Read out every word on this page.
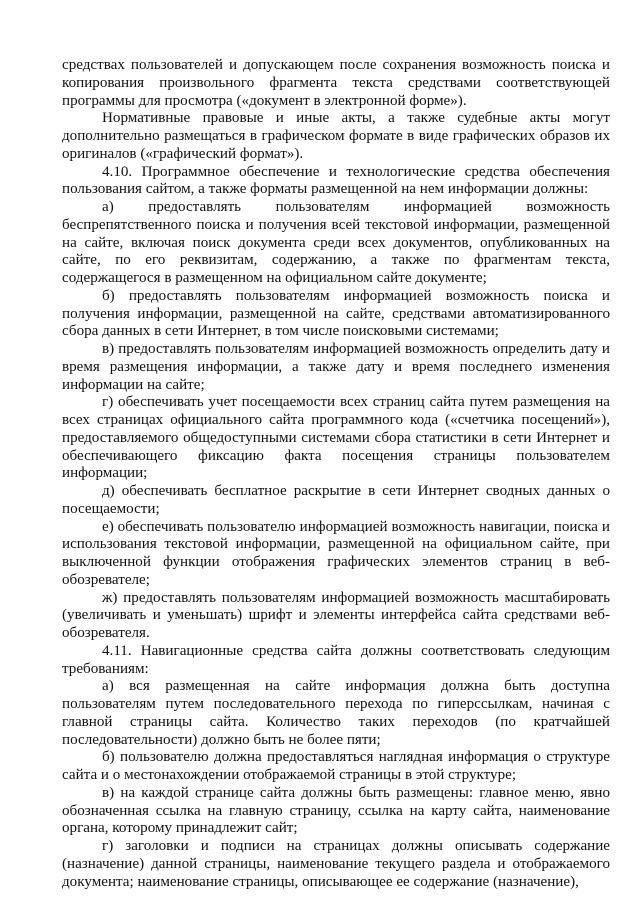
средствах пользователей и допускающем после сохранения возможность поиска и копирования произвольного фрагмента текста средствами соответствующей программы для просмотра («документ в электронной форме»).

Нормативные правовые и иные акты, а также судебные акты могут дополнительно размещаться в графическом формате в виде графических образов их оригиналов («графический формат»).

4.10. Программное обеспечение и технологические средства обеспечения пользования сайтом, а также форматы размещенной на нем информации должны:

а) предоставлять пользователям информацией возможность беспрепятственного поиска и получения всей текстовой информации, размещенной на сайте, включая поиск документа среди всех документов, опубликованных на сайте, по его реквизитам, содержанию, а также по фрагментам текста, содержащегося в размещенном на официальном сайте документе;

б) предоставлять пользователям информацией возможность поиска и получения информации, размещенной на сайте, средствами автоматизированного сбора данных в сети Интернет, в том числе поисковыми системами;

в) предоставлять пользователям информацией возможность определить дату и время размещения информации, а также дату и время последнего изменения информации на сайте;

г) обеспечивать учет посещаемости всех страниц сайта путем размещения на всех страницах официального сайта программного кода («счетчика посещений»), предоставляемого общедоступными системами сбора статистики в сети Интернет и обеспечивающего фиксацию факта посещения страницы пользователем информации;

д) обеспечивать бесплатное раскрытие в сети Интернет сводных данных о посещаемости;

е) обеспечивать пользователю информацией возможность навигации, поиска и использования текстовой информации, размещенной на официальном сайте, при выключенной функции отображения графических элементов страниц в веб-обозревателе;

ж) предоставлять пользователям информацией возможность масштабировать (увеличивать и уменьшать) шрифт и элементы интерфейса сайта средствами веб-обозревателя.

4.11. Навигационные средства сайта должны соответствовать следующим требованиям:

а) вся размещенная на сайте информация должна быть доступна пользователям путем последовательного перехода по гиперссылкам, начиная с главной страницы сайта. Количество таких переходов (по кратчайшей последовательности) должно быть не более пяти;

б) пользователю должна предоставляться наглядная информация о структуре сайта и о местонахождении отображаемой страницы в этой структуре;

в) на каждой странице сайта должны быть размещены: главное меню, явно обозначенная ссылка на главную страницу, ссылка на карту сайта, наименование органа, которому принадлежит сайт;

г) заголовки и подписи на страницах должны описывать содержание (назначение) данной страницы, наименование текущего раздела и отображаемого документа; наименование страницы, описывающее ее содержание (назначение),
